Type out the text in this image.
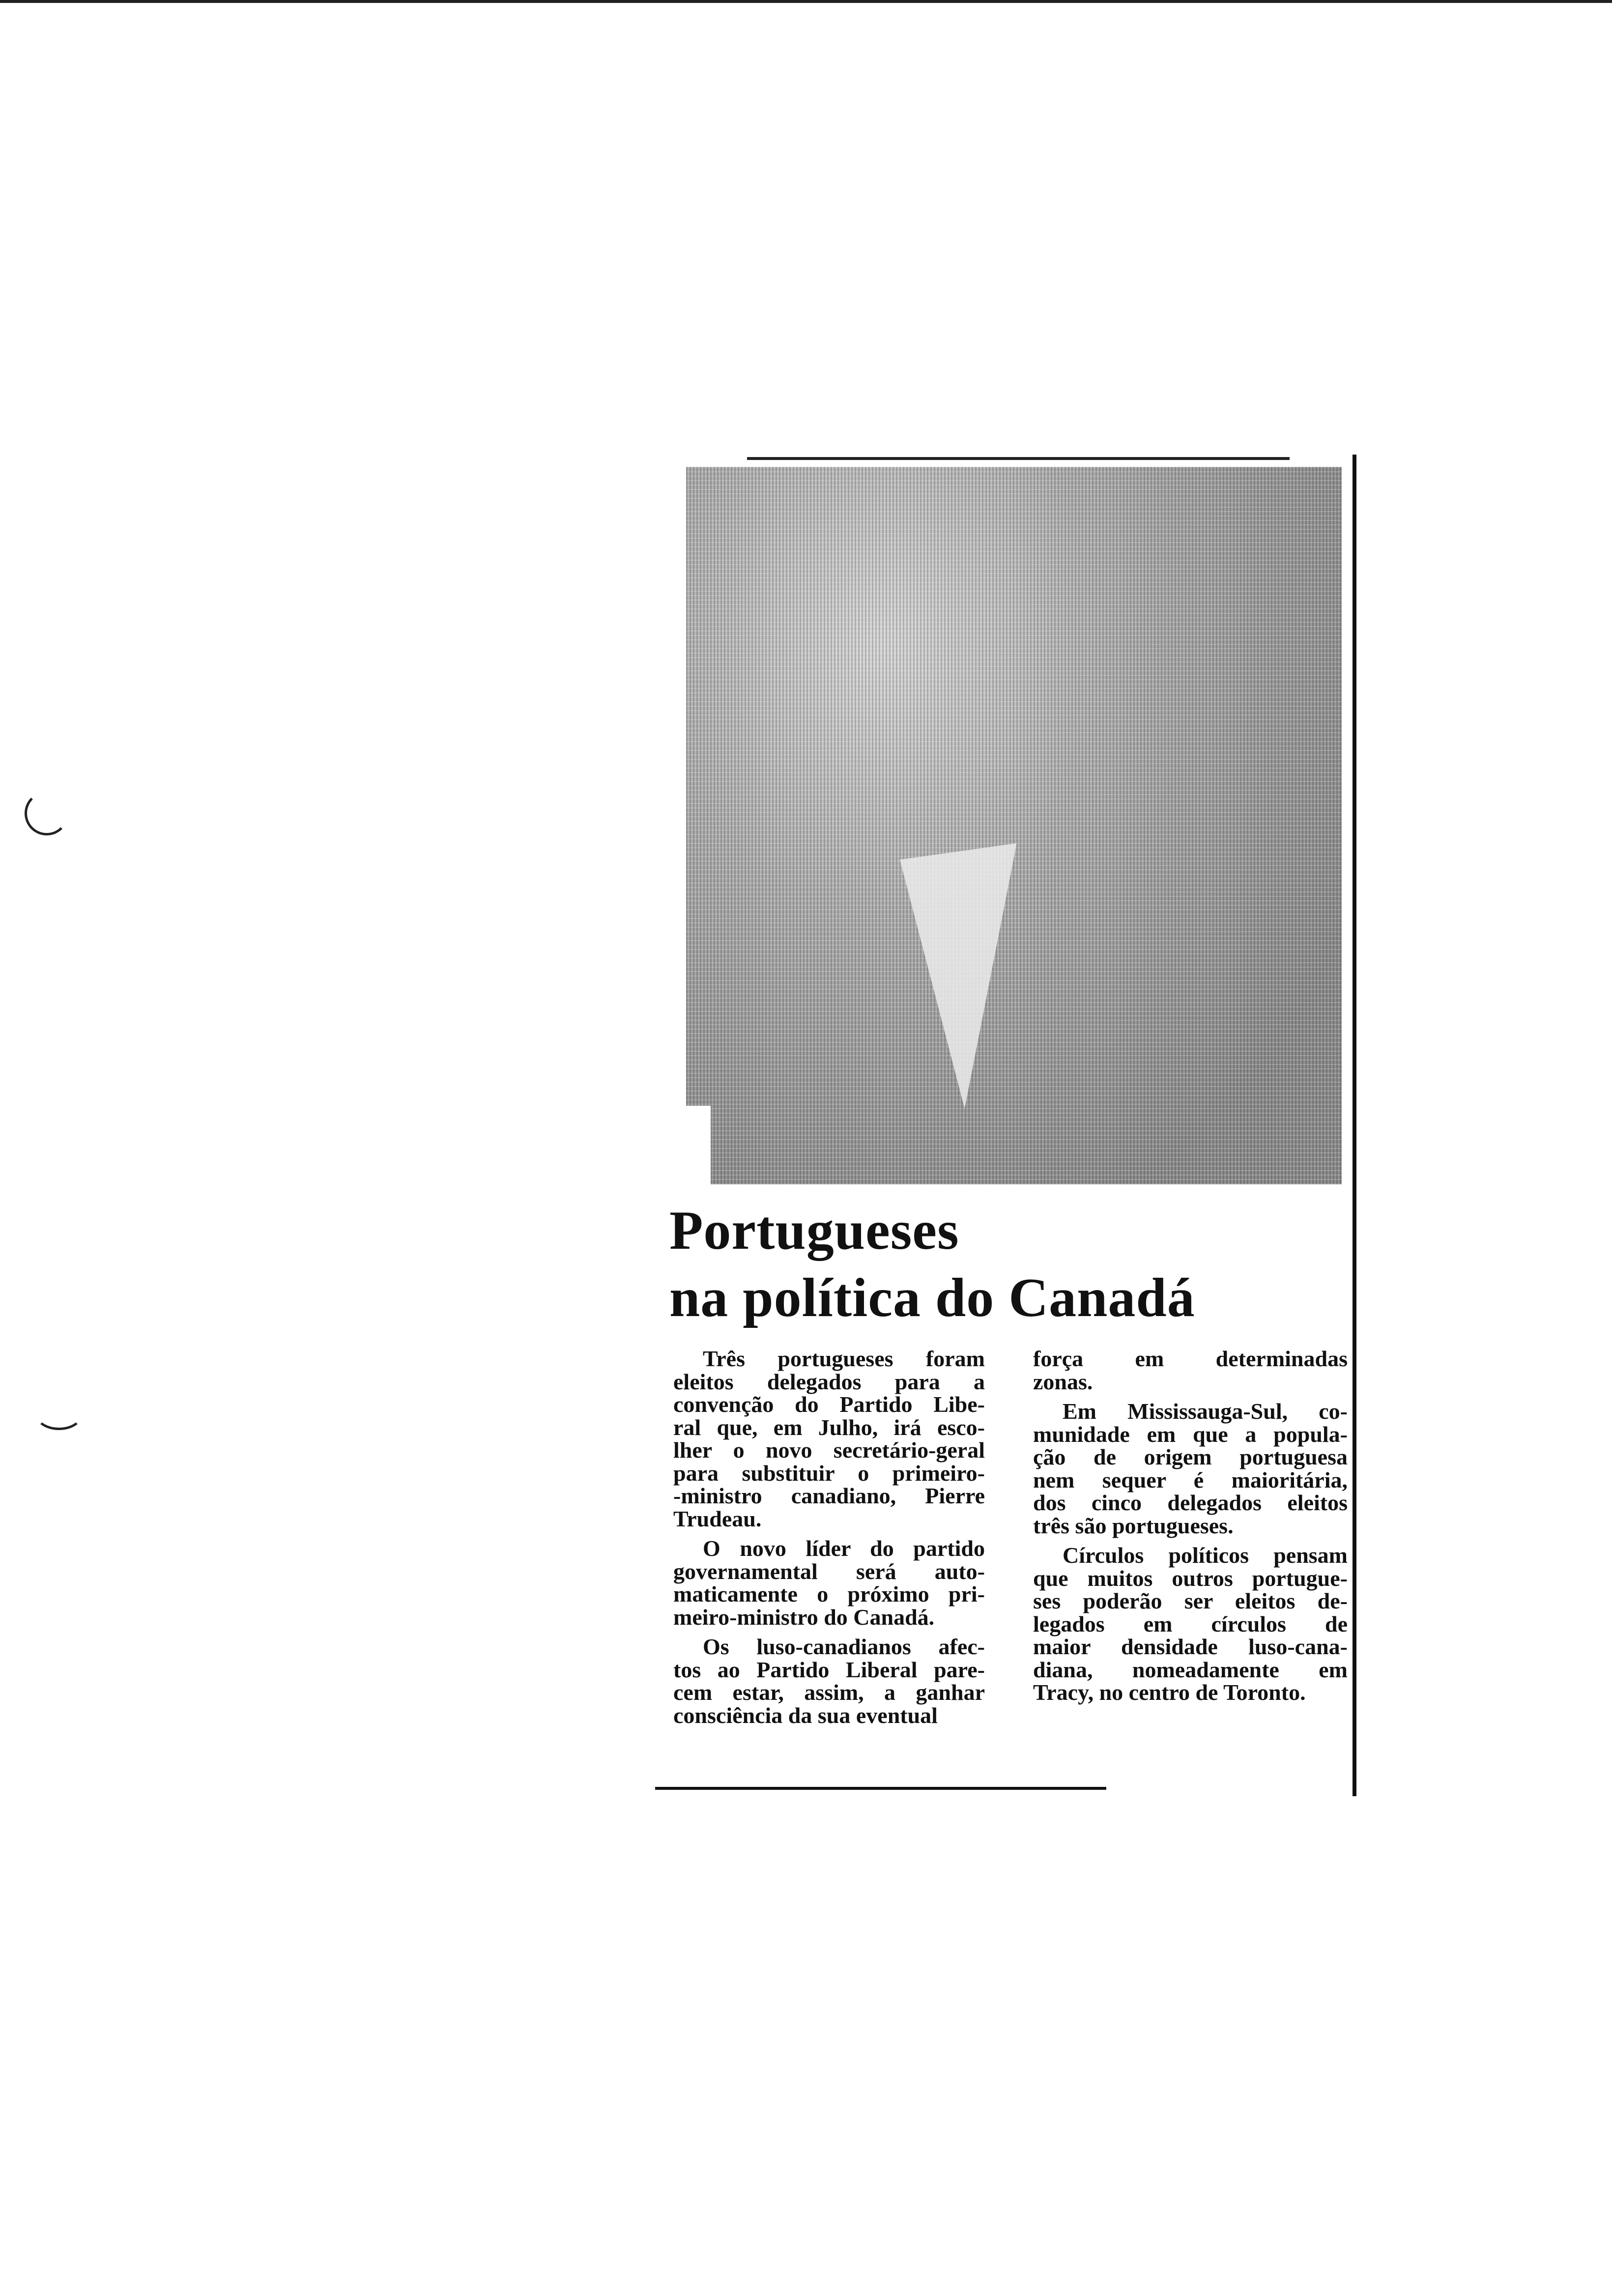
Portugueses
na política do Canadá
Três portugueses foram
eleitos delegados para a
convenção do Partido Libe-
ral que, em Julho, irá esco-
lher o novo secretário-geral
para substituir o primeiro-
-ministro canadiano, Pierre
Trudeau.
O novo líder do partido
governamental será auto-
maticamente o próximo pri-
meiro-ministro do Canadá.
Os luso-canadianos afec-
tos ao Partido Liberal pare-
cem estar, assim, a ganhar
consciência da sua eventual
força em determinadas
zonas.
Em Mississauga-Sul, co-
munidade em que a popula-
ção de origem portuguesa
nem sequer é maioritária,
dos cinco delegados eleitos
três são portugueses.
Círculos políticos pensam
que muitos outros portugue-
ses poderão ser eleitos de-
legados em círculos de
maior densidade luso-cana-
diana, nomeadamente em
Tracy, no centro de Toronto.
